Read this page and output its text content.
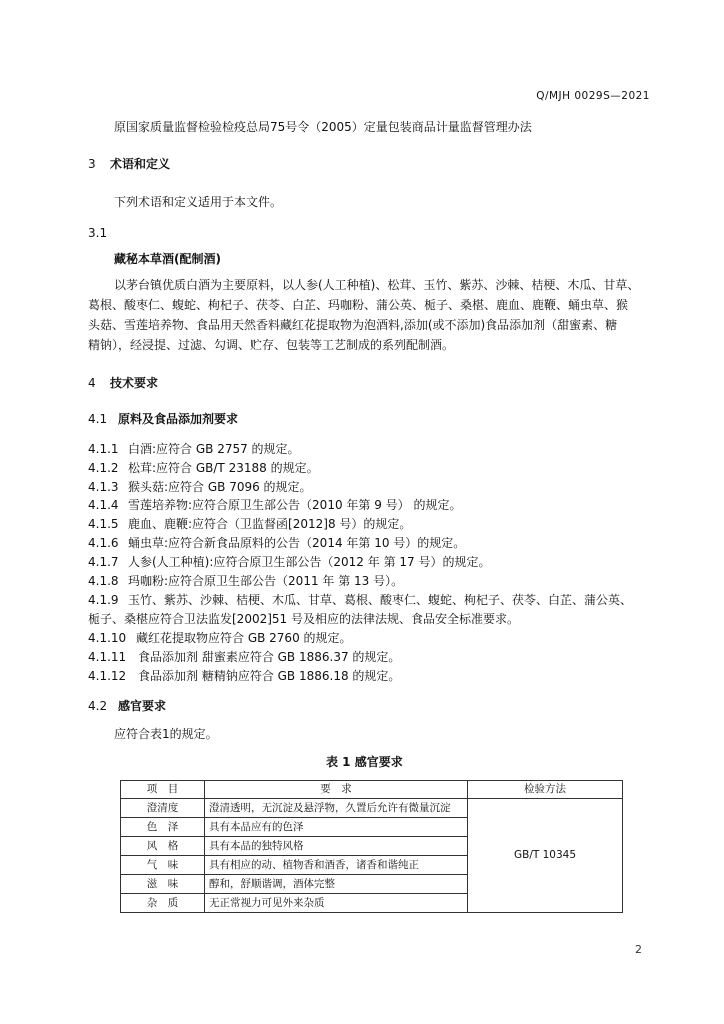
Q/MJH 0029S—2021
原国家质量监督检验检疫总局75号令（2005）定量包装商品计量监督管理办法
3 术语和定义
下列术语和定义适用于本文件。
3.1
藏秘本草酒(配制酒)
以茅台镇优质白酒为主要原料，以人参(人工种植)、松茸、玉竹、紫苏、沙棘、桔梗、木瓜、甘草、
葛根、酸枣仁、蝮蛇、枸杞子、茯苓、白芷、玛咖粉、蒲公英、栀子、桑椹、鹿血、鹿鞭、蛹虫草、猴
头菇、雪莲培养物、食品用天然香料藏红花提取物为泡酒料,添加(或不添加)食品添加剂（甜蜜素、糖
精钠），经浸提、过滤、勾调、贮存、包装等工艺制成的系列配制酒。
4 技术要求
4.1 原料及食品添加剂要求
4.1.1 白酒:应符合 GB 2757 的规定。
4.1.2 松茸:应符合 GB/T 23188 的规定。
4.1.3 猴头菇:应符合 GB 7096 的规定。
4.1.4 雪莲培养物:应符合原卫生部公告（2010 年第 9 号） 的规定。
4.1.5 鹿血、鹿鞭:应符合（卫监督函[2012]8 号）的规定。
4.1.6 蛹虫草:应符合新食品原料的公告（2014 年第 10 号）的规定。
4.1.7 人参(人工种植):应符合原卫生部公告（2012 年 第 17 号）的规定。
4.1.8 玛咖粉:应符合原卫生部公告（2011 年 第 13 号）。
4.1.9 玉竹、紫苏、沙棘、桔梗、木瓜、甘草、葛根、酸枣仁、蝮蛇、枸杞子、茯苓、白芷、蒲公英、
栀子、桑椹应符合卫法监发[2002]51 号及相应的法律法规、食品安全标准要求。
4.1.10 藏红花提取物应符合 GB 2760 的规定。
4.1.11 食品添加剂 甜蜜素应符合 GB 1886.37 的规定。
4.1.12 食品添加剂 糖精钠应符合 GB 1886.18 的规定。
4.2 感官要求
应符合表1的规定。
表 1 感官要求
项　目	要　求	检验方法
澄清度	澄清透明，无沉淀及悬浮物，久置后允许有微量沉淀	GB/T 10345
色　泽	具有本品应有的色泽	
风　格	具有本品的独特风格	
气　味	具有相应的动、植物香和酒香，诸香和谐纯正	
滋　味	醇和，舒顺谐调，酒体完整	
杂　质	无正常视力可见外来杂质	
2
